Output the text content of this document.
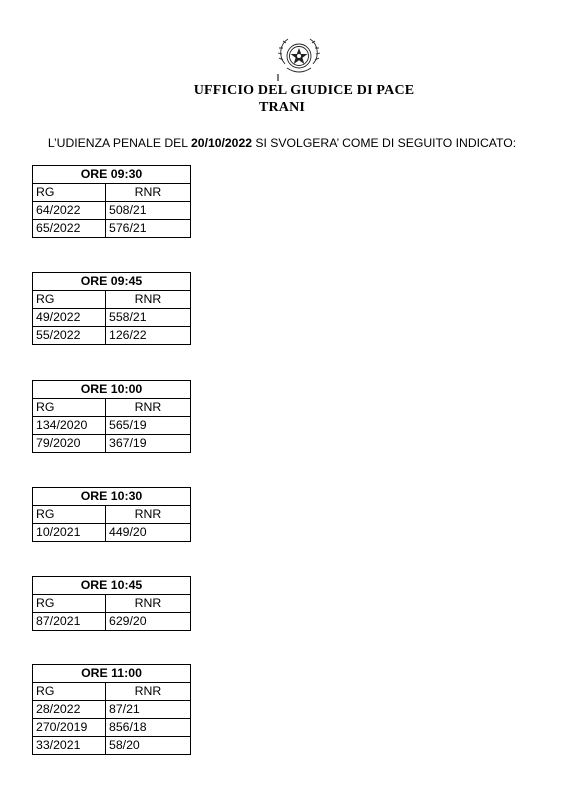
UFFICIO DEL GIUDICE DI PACE
TRANI
L’UDIENZA PENALE DEL 20/10/2022 SI SVOLGERA’ COME DI SEGUITO INDICATO:
ORE 09:30	
RG	RNR
64/2022	508/21
65/2022	576/21
ORE 09:45	
RG	RNR
49/2022	558/21
55/2022	126/22
ORE 10:00	
RG	RNR
134/2020	565/19
79/2020	367/19
ORE 10:30	
RG	RNR
10/2021	449/20
ORE 10:45	
RG	RNR
87/2021	629/20
ORE 11:00	
RG	RNR
28/2022	87/21
270/2019	856/18
33/2021	58/20
